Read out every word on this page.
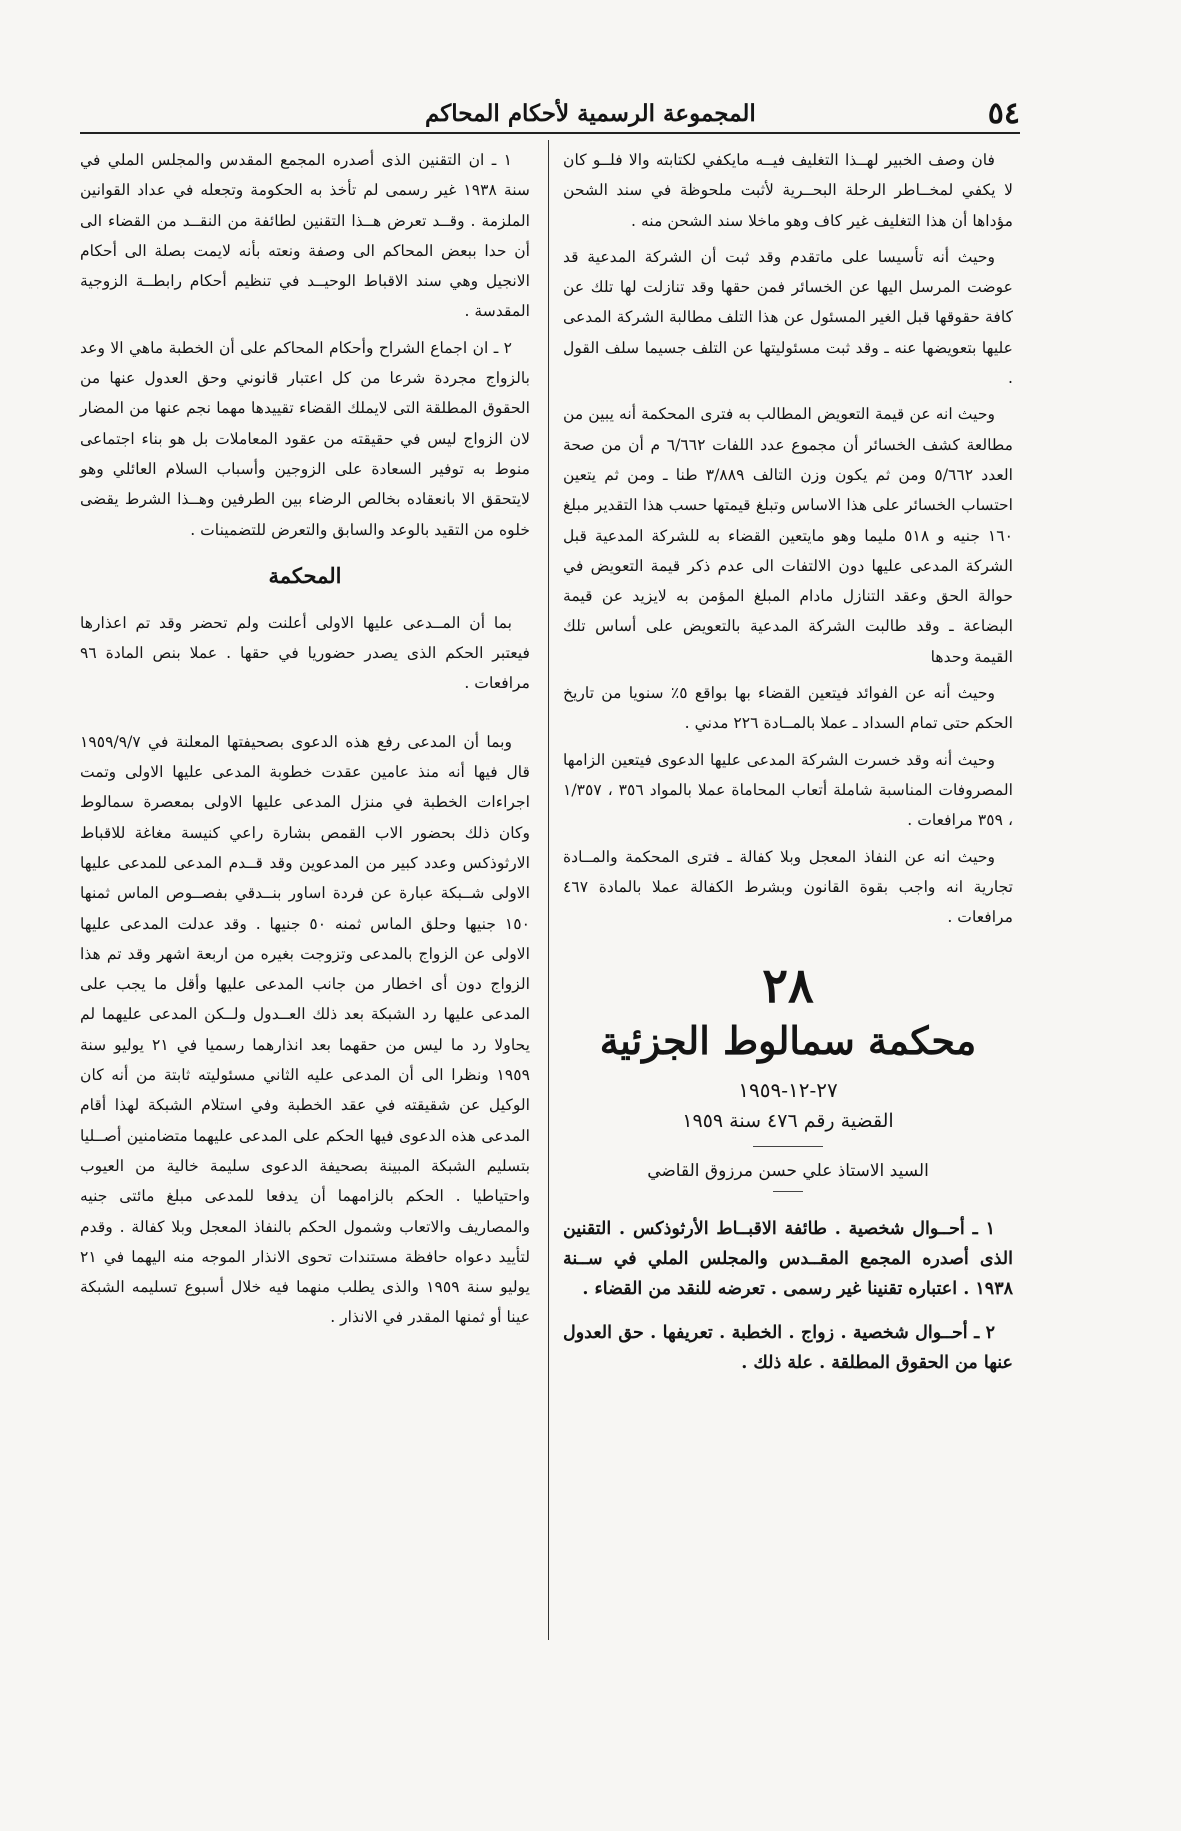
٥٤
المجموعة الرسمية لأحكام المحاكم

فان وصف الخبير لهــذا التغليف فيــه مايكفي لكتابته والا فلــو كان لا يكفي لمخــاطر الرحلة البحــرية لأثبت ملحوظة في سند الشحن مؤداها أن هذا التغليف غير كاف وهو ماخلا سند الشحن منه .

وحيث أنه تأسيسا على ماتقدم وقد ثبت أن الشركة المدعية قد عوضت المرسل اليها عن الخسائر فمن حقها وقد تنازلت لها تلك عن كافة حقوقها قبل الغير المسئول عن هذا التلف مطالبة الشركة المدعى عليها بتعويضها عنه ـ وقد ثبت مسئوليتها عن التلف جسيما سلف القول .

وحيث انه عن قيمة التعويض المطالب به فترى المحكمة أنه يبين من مطالعة كشف الخسائر أن مجموع عدد اللفات ٦/٦٦٢ م أن من صحة العدد ٥/٦٦٢ ومن ثم يكون وزن التالف ٣/٨٨٩ طنا ـ ومن ثم يتعين احتساب الخسائر على هذا الاساس وتبلغ قيمتها حسب هذا التقدير مبلغ ١٦٠ جنيه و ٥١٨ مليما وهو مايتعين القضاء به للشركة المدعية قبل الشركة المدعى عليها دون الالتفات الى عدم ذكر قيمة التعويض في حوالة الحق وعقد التنازل مادام المبلغ المؤمن به لايزيد عن قيمة البضاعة ـ وقد طالبت الشركة المدعية بالتعويض على أساس تلك القيمة وحدها

وحيث أنه عن الفوائد فيتعين القضاء بها بواقع ٥٪ سنويا من تاريخ الحكم حتى تمام السداد ـ عملا بالمــادة ٢٢٦ مدني .

وحيث أنه وقد خسرت الشركة المدعى عليها الدعوى فيتعين الزامها المصروفات المناسبة شاملة أتعاب المحاماة عملا بالمواد ٣٥٦ ، ١/٣٥٧ ، ٣٥٩ مرافعات .

وحيث انه عن النفاذ المعجل وبلا كفالة ـ فترى المحكمة والمــادة تجارية انه واجب بقوة القانون وبشرط الكفالة عملا بالمادة ٤٦٧ مرافعات .

٢٨
محكمة سمالوط الجزئية
٢٧-١٢-١٩٥٩
القضية رقم ٤٧٦ سنة ١٩٥٩
السيد الاستاذ علي حسن مرزوق القاضي

١ ـ أحــوال شخصية . طائفة الاقبــاط الأرثوذكس . التقنين الذى أصدره المجمع المقــدس والمجلس الملي في ســنة ١٩٣٨ . اعتباره تقنينا غير رسمى . تعرضه للنقد من القضاء .

٢ ـ أحــوال شخصية . زواج . الخطبة . تعريفها . حق العدول عنها من الحقوق المطلقة . علة ذلك .

١ ـ ان التقنين الذى أصدره المجمع المقدس والمجلس الملي في سنة ١٩٣٨ غير رسمى لم تأخذ به الحكومة وتجعله في عداد القوانين الملزمة . وقــد تعرض هــذا التقنين لطائفة من النقــد من القضاء الى أن حدا ببعض المحاكم الى وصفة ونعته بأنه لايمت بصلة الى أحكام الانجيل وهي سند الاقباط الوحيــد في تنظيم أحكام رابطــة الزوجية المقدسة .

٢ ـ ان اجماع الشراح وأحكام المحاكم على أن الخطبة ماهي الا وعد بالزواج مجردة شرعا من كل اعتبار قانوني وحق العدول عنها من الحقوق المطلقة التى لايملك القضاء تقييدها مهما نجم عنها من المضار لان الزواج ليس في حقيقته من عقود المعاملات بل هو بناء اجتماعى منوط به توفير السعادة على الزوجين وأسباب السلام العائلي وهو لايتحقق الا بانعقاده بخالص الرضاء بين الطرفين وهــذا الشرط يقضى خلوه من التقيد بالوعد والسابق والتعرض للتضمينات .

المحكمة

بما أن المــدعى عليها الاولى أعلنت ولم تحضر وقد تم اعذارها فيعتبر الحكم الذى يصدر حضوريا في حقها . عملا بنص المادة ٩٦ مرافعات .

وبما أن المدعى رفع هذه الدعوى بصحيفتها المعلنة في ١٩٥٩/٩/٧ قال فيها أنه منذ عامين عقدت خطوبة المدعى عليها الاولى وتمت اجراءات الخطبة في منزل المدعى عليها الاولى بمعصرة سمالوط وكان ذلك بحضور الاب القمص بشارة راعي كنيسة مغاغة للاقباط الارثوذكس وعدد كبير من المدعوين وقد قــدم المدعى للمدعى عليها الاولى شــبكة عبارة عن فردة اساور بنــدقي بفصــوص الماس ثمنها ١٥٠ جنيها وحلق الماس ثمنه ٥٠ جنيها . وقد عدلت المدعى عليها الاولى عن الزواج بالمدعى وتزوجت بغيره من اربعة اشهر وقد تم هذا الزواج دون أى اخطار من جانب المدعى عليها وأقل ما يجب على المدعى عليها رد الشبكة بعد ذلك العــدول ولــكن المدعى عليهما لم يحاولا رد ما ليس من حقهما بعد انذارهما رسميا في ٢١ يوليو سنة ١٩٥٩ ونظرا الى أن المدعى عليه الثاني مسئوليته ثابتة من أنه كان الوكيل عن شقيقته في عقد الخطبة وفي استلام الشبكة لهذا أقام المدعى هذه الدعوى فيها الحكم على المدعى عليهما متضامنين أصــليا بتسليم الشبكة المبينة بصحيفة الدعوى سليمة خالية من العيوب واحتياطيا . الحكم بالزامهما أن يدفعا للمدعى مبلغ مائتى جنيه والمصاريف والاتعاب وشمول الحكم بالنفاذ المعجل وبلا كفالة . وقدم لتأييد دعواه حافظة مستندات تحوى الانذار الموجه منه اليهما في ٢١ يوليو سنة ١٩٥٩ والذى يطلب منهما فيه خلال أسبوع تسليمه الشبكة عينا أو ثمنها المقدر في الانذار .
